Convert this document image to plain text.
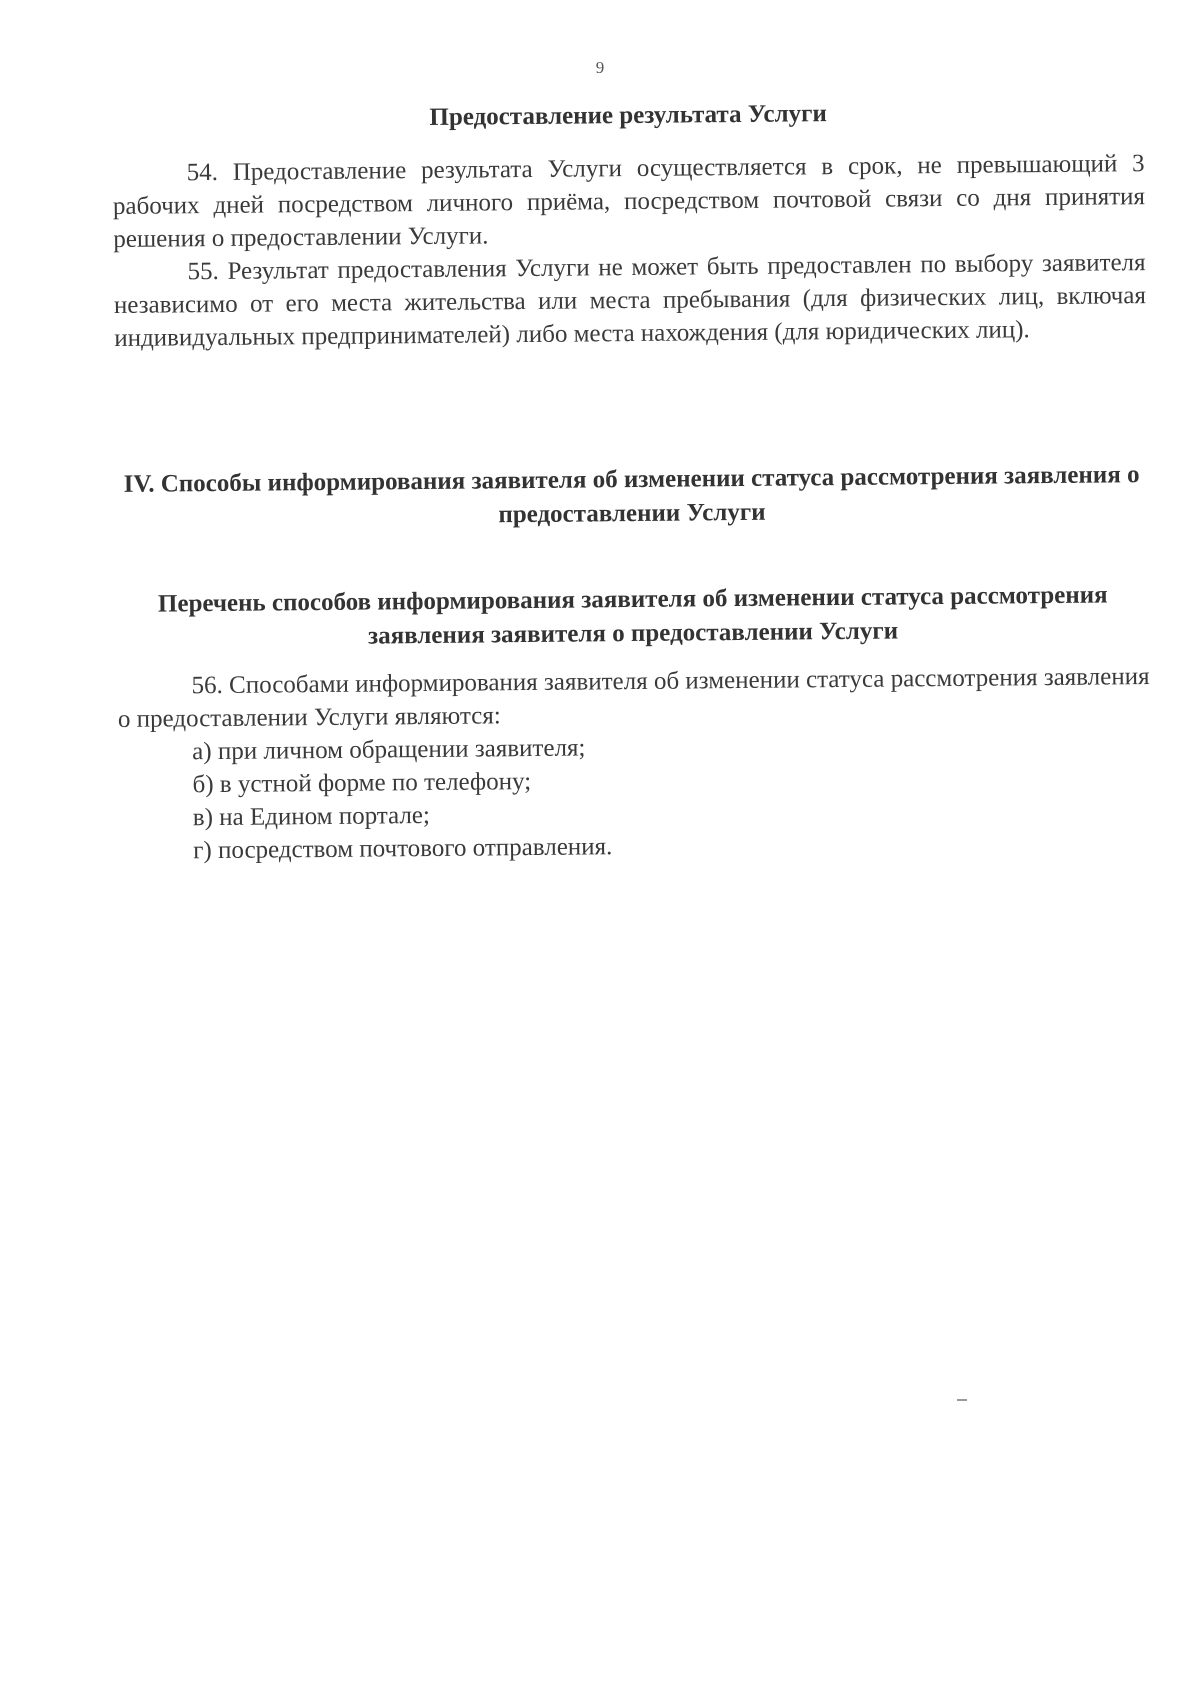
9

Предоставление результата Услуги

54. Предоставление результата Услуги осуществляется в срок, не превышающий 3 рабочих дней посредством личного приёма, посредством почтовой связи со дня принятия решения о предоставлении Услуги.

55. Результат предоставления Услуги не может быть предоставлен по выбору заявителя независимо от его места жительства или места пребывания (для физических лиц, включая индивидуальных предпринимателей) либо места нахождения (для юридических лиц).

IV. Способы информирования заявителя об изменении статуса рассмотрения заявления о предоставлении Услуги

Перечень способов информирования заявителя об изменении статуса рассмотрения заявления заявителя о предоставлении Услуги

56. Способами информирования заявителя об изменении статуса рассмотрения заявления о предоставлении Услуги являются:

а) при личном обращении заявителя;

б) в устной форме по телефону;

в) на Едином портале;

г) посредством почтового отправления.
